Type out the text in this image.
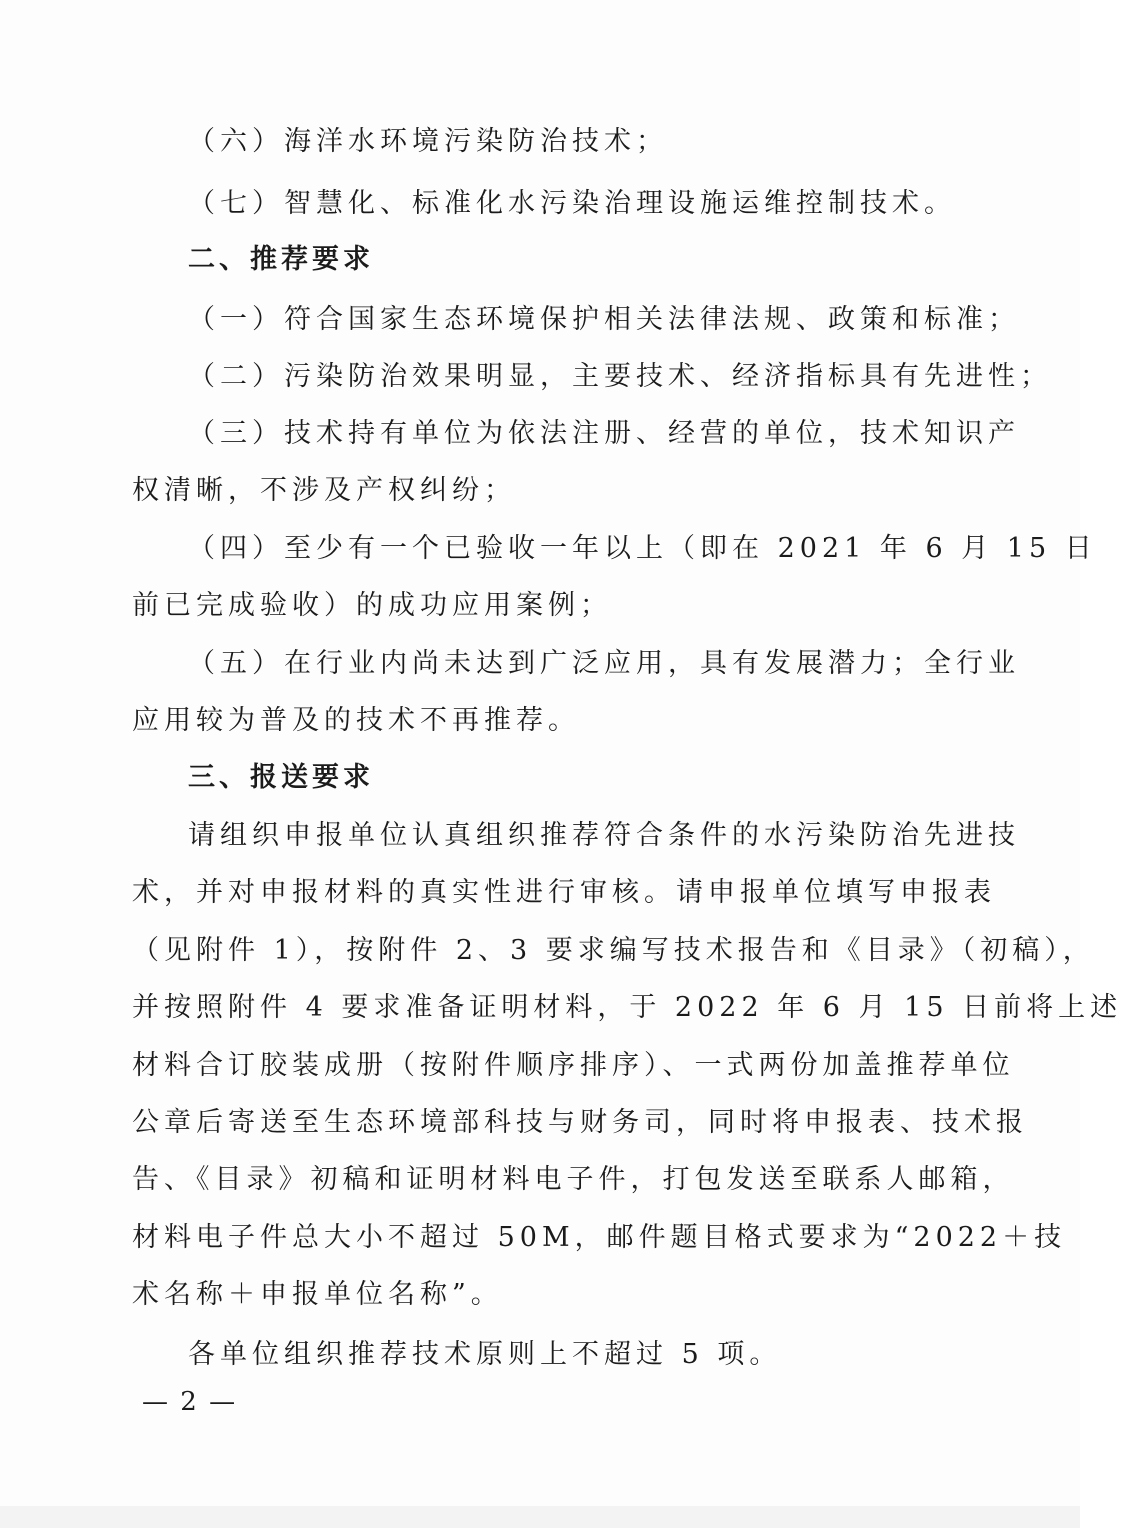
（六）海洋水环境污染防治技术；
（七）智慧化、标准化水污染治理设施运维控制技术。
二、推荐要求
（一）符合国家生态环境保护相关法律法规、政策和标准；
（二）污染防治效果明显，主要技术、经济指标具有先进性；
（三）技术持有单位为依法注册、经营的单位，技术知识产
权清晰，不涉及产权纠纷；
（四）至少有一个已验收一年以上（即在 2021 年 6 月 15 日
前已完成验收）的成功应用案例；
（五）在行业内尚未达到广泛应用，具有发展潜力；全行业
应用较为普及的技术不再推荐。
三、报送要求
请组织申报单位认真组织推荐符合条件的水污染防治先进技
术，并对申报材料的真实性进行审核。请申报单位填写申报表
（见附件 1），按附件 2、3 要求编写技术报告和《目录》（初稿），
并按照附件 4 要求准备证明材料，于 2022 年 6 月 15 日前将上述
材料合订胶装成册（按附件顺序排序）、一式两份加盖推荐单位
公章后寄送至生态环境部科技与财务司，同时将申报表、技术报
告、《目录》初稿和证明材料电子件，打包发送至联系人邮箱，
材料电子件总大小不超过 50M，邮件题目格式要求为“2022＋技
术名称＋申报单位名称”。
各单位组织推荐技术原则上不超过 5 项。
— 2 —
